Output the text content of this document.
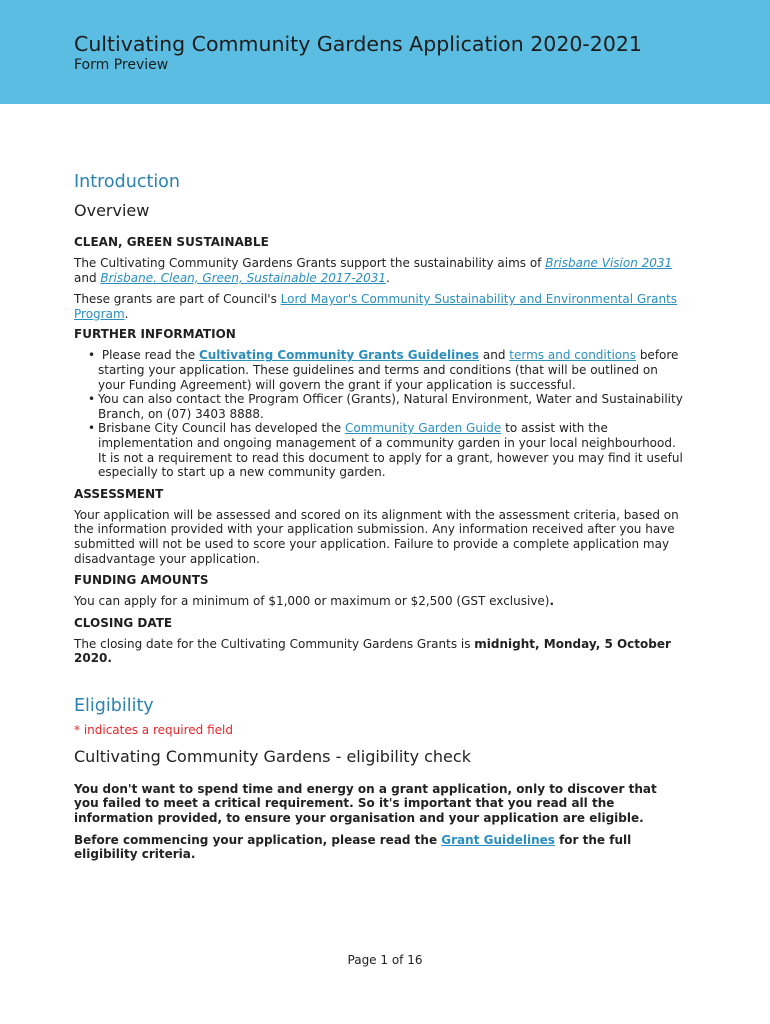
Cultivating Community Gardens Application 2020-2021
Form Preview
Introduction
Overview
CLEAN, GREEN SUSTAINABLE

The Cultivating Community Gardens Grants support the sustainability aims of Brisbane Vision 2031 and Brisbane. Clean, Green, Sustainable 2017-2031.

These grants are part of Council's Lord Mayor's Community Sustainability and Environmental Grants Program.

FURTHER INFORMATION
• Please read the Cultivating Community Grants Guidelines and terms and conditions before starting your application. These guidelines and terms and conditions (that will be outlined on your Funding Agreement) will govern the grant if your application is successful.
• You can also contact the Program Officer (Grants), Natural Environment, Water and Sustainability Branch, on (07) 3403 8888.
• Brisbane City Council has developed the Community Garden Guide to assist with the implementation and ongoing management of a community garden in your local neighbourhood. It is not a requirement to read this document to apply for a grant, however you may find it useful especially to start up a new community garden.
ASSESSMENT

Your application will be assessed and scored on its alignment with the assessment criteria, based on the information provided with your application submission. Any information received after you have submitted will not be used to score your application. Failure to provide a complete application may disadvantage your application.

FUNDING AMOUNTS

You can apply for a minimum of $1,000 or maximum or $2,500 (GST exclusive).

CLOSING DATE

The closing date for the Cultivating Community Gardens Grants is midnight, Monday, 5 October 2020.

Eligibility
* indicates a required field
Cultivating Community Gardens - eligibility check

You don't want to spend time and energy on a grant application, only to discover that you failed to meet a critical requirement. So it's important that you read all the information provided, to ensure your organisation and your application are eligible.

Before commencing your application, please read the Grant Guidelines for the full eligibility criteria.

Page 1 of 16
